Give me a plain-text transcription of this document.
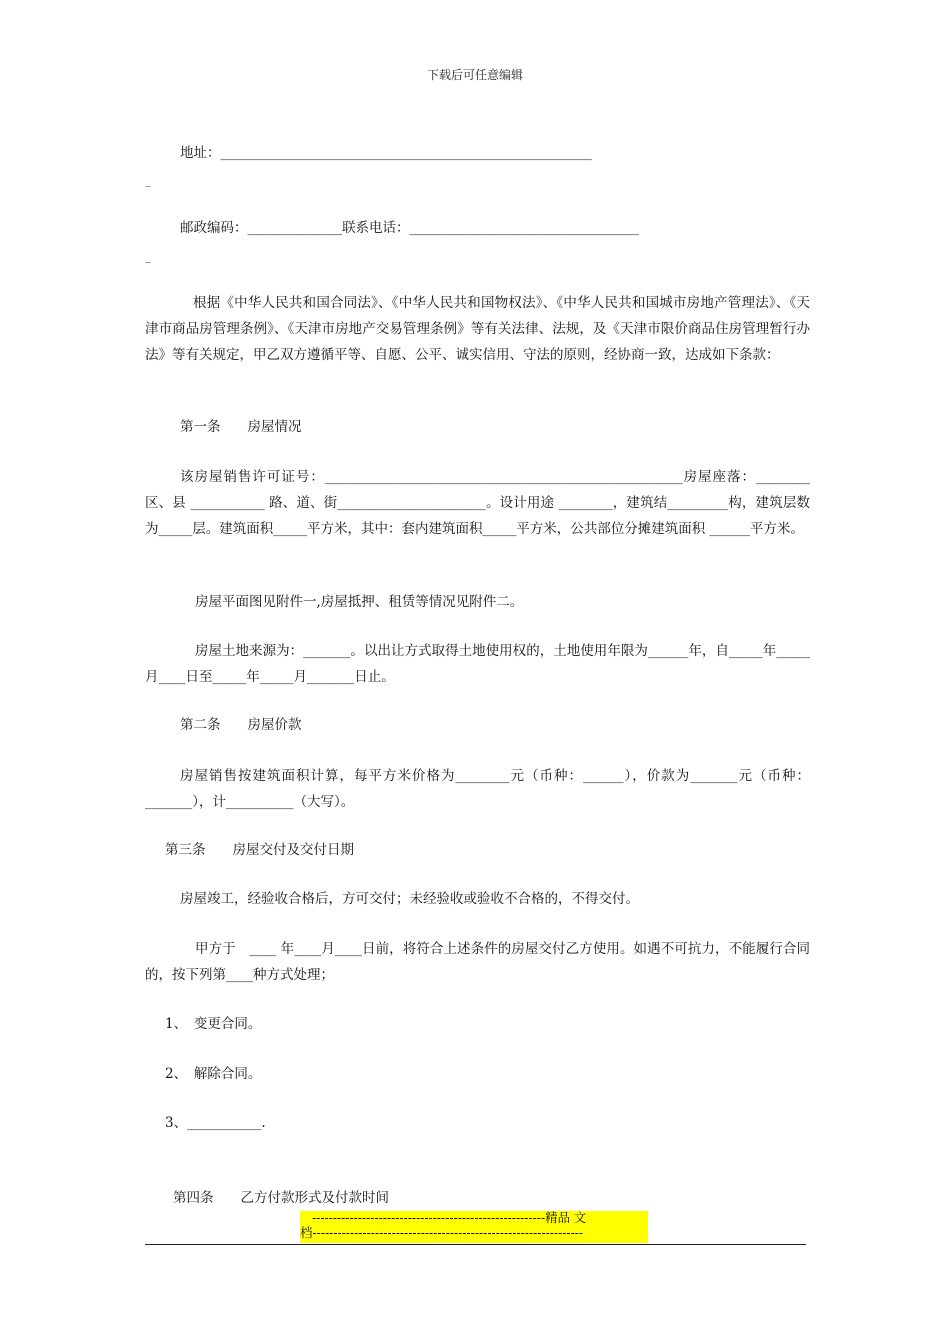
下载后可任意编辑
地址：_______________________________________________________
_
邮政编码：______________联系电话：__________________________________
_
根据《中华人民共和国合同法》、《中华人民共和国物权法》、《中华人民共和国城市房地产管理法》、《天津市商品房管理条例》、《天津市房地产交易管理条例》等有关法律、法规，及《天津市限价商品住房管理暂行办法》等有关规定，甲乙双方遵循平等、自愿、公平、诚实信用、守法的原则，经协商一致，达成如下条款：
第一条　　房屋情况
该房屋销售许可证号：_____________________________________________________房屋座落：________ 区、县 ___________ 路、道、街______________________。设计用途 ________，建筑结_________构，建筑层数为_____层。建筑面积_____平方米，其中：套内建筑面积_____平方米，公共部位分摊建筑面积 ______平方米。
房屋平面图见附件一,房屋抵押、租赁等情况见附件二。
房屋土地来源为：_______。以出让方式取得土地使用权的，土地使用年限为______年，自_____年_____月____日至_____年_____月_______日止。
第二条　　房屋价款
房屋销售按建筑面积计算，每平方米价格为________元（币种：______），价款为_______元（币种：_______），计__________（大写）。
第三条　　房屋交付及交付日期
房屋竣工，经验收合格后，方可交付；未经验收或验收不合格的，不得交付。
甲方于　____ 年____月____日前，将符合上述条件的房屋交付乙方使用。如遇不可抗力，不能履行合同的，按下列第____种方式处理；
1、　变更合同。
2、　解除合同。
3、___________.
第四条　　乙方付款形式及付款时间
--------------------------------------------------------精品 文
档-----------------------------------------------------------------
